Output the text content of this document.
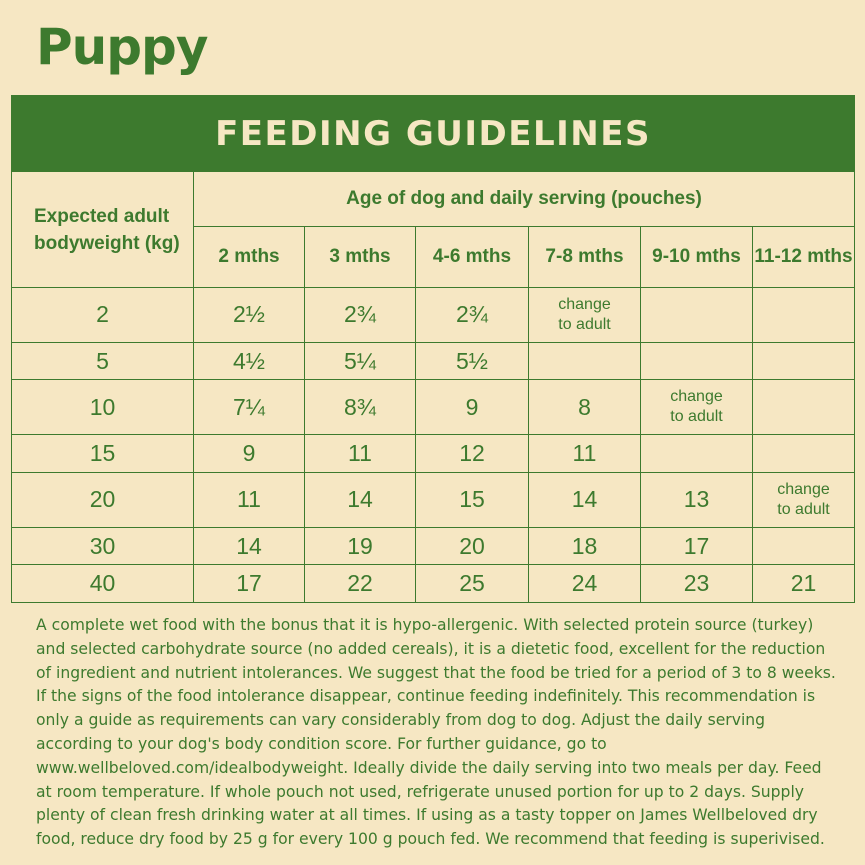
Puppy
FEEDING GUIDELINES						
Expected adult bodyweight (kg)	Age of dog and daily serving (pouches)					
	2 mths	3 mths	4-6 mths	7-8 mths	9-10 mths	11-12 mths
2	2½	2¾	2¾	change
to adult		
5	4½	5¼	5½			
10	7¼	8¾	9	8	change
to adult	
15	9	11	12	11		
20	11	14	15	14	13	change
to adult
30	14	19	20	18	17	
40	17	22	25	24	23	21
A complete wet food with the bonus that it is hypo-allergenic. With selected protein source (turkey) and selected carbohydrate source (no added cereals), it is a dietetic food, excellent for the reduction of ingredient and nutrient intolerances. We suggest that the food be tried for a period of 3 to 8 weeks. If the signs of the food intolerance disappear, continue feeding indefinitely. This recommendation is only a guide as requirements can vary considerably from dog to dog. Adjust the daily serving according to your dog's body condition score. For further guidance, go to www.wellbeloved.com/idealbodyweight. Ideally divide the daily serving into two meals per day. Feed at room temperature. If whole pouch not used, refrigerate unused portion for up to 2 days. Supply plenty of clean fresh drinking water at all times. If using as a tasty topper on James Wellbeloved dry food, reduce dry food by 25 g for every 100 g pouch fed. We recommend that feeding is superivised.
